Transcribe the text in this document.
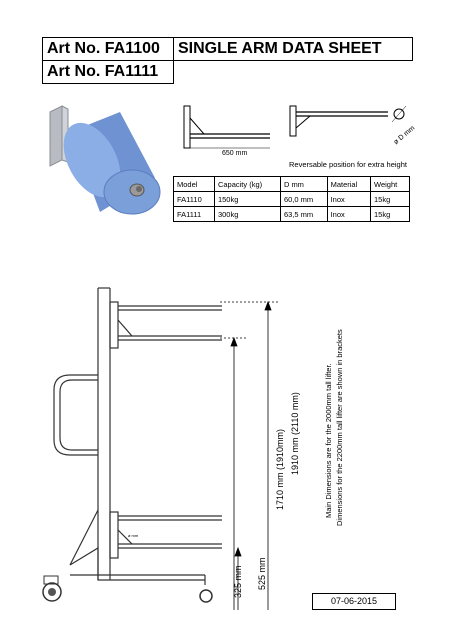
Art No. FA1100	SINGLE ARM DATA SHEET
Art No. FA1111
650 mm
ø D mm
Reversable position for extra height
Model	Capacity (kg)	D mm	Material	Weight
FA1110	150kg	60,0 mm	Inox	15kg
FA1111	300kg	63,5 mm	Inox	15kg
ø mm
1910 mm (2110 mm)
1710 mm (1910mm)
525 mm
325 mm
Main Dimensions are for the 2000mm tall lifter. Dimensions for the 2200mm tall lifter are shown in brackets
07-06-2015
